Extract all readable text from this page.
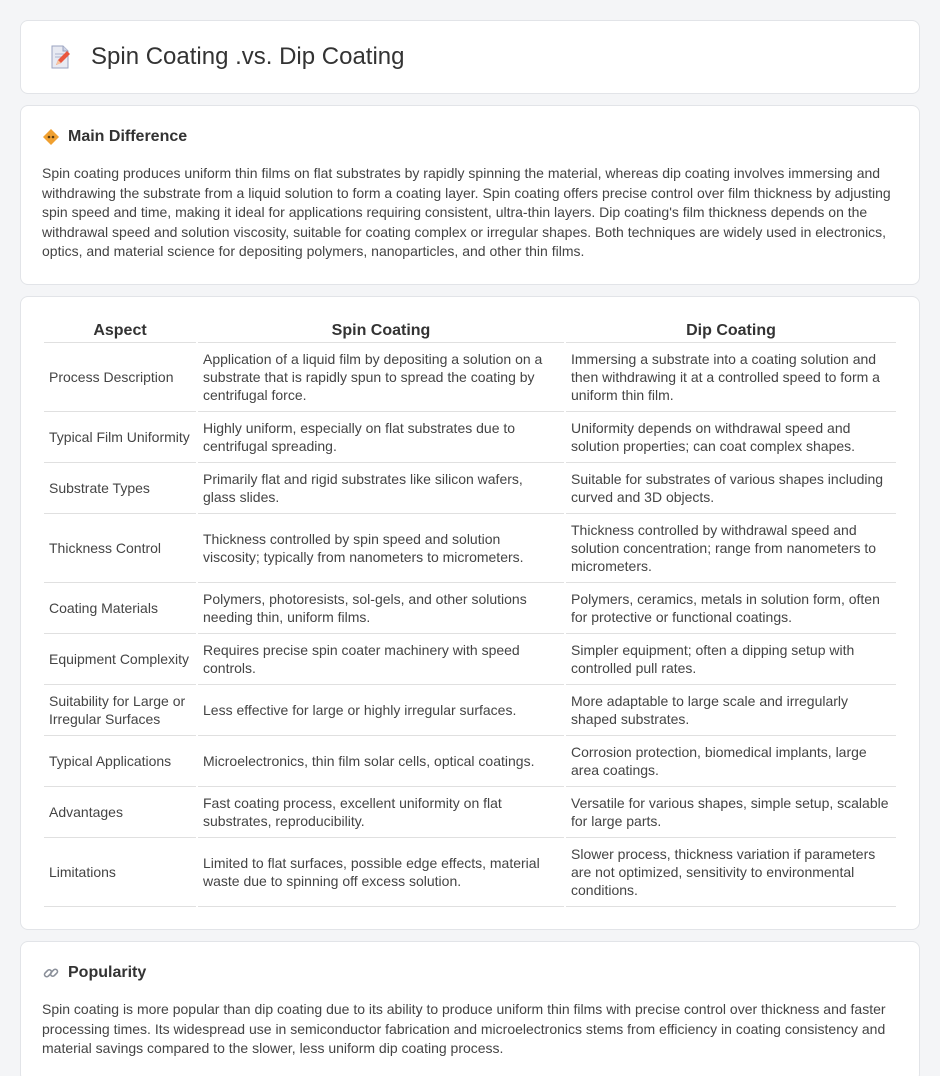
Spin Coating .vs. Dip Coating
Main Difference

Spin coating produces uniform thin films on flat substrates by rapidly spinning the material, whereas dip coating involves immersing and withdrawing the substrate from a liquid solution to form a coating layer. Spin coating offers precise control over film thickness by adjusting spin speed and time, making it ideal for applications requiring consistent, ultra-thin layers. Dip coating's film thickness depends on the withdrawal speed and solution viscosity, suitable for coating complex or irregular shapes. Both techniques are widely used in electronics, optics, and material science for depositing polymers, nanoparticles, and other thin films.

Aspect	Spin Coating	Dip Coating
Process Description	Application of a liquid film by depositing a solution on a substrate that is rapidly spun to spread the coating by centrifugal force.	Immersing a substrate into a coating solution and then withdrawing it at a controlled speed to form a uniform thin film.
Typical Film Uniformity	Highly uniform, especially on flat substrates due to centrifugal spreading.	Uniformity depends on withdrawal speed and solution properties; can coat complex shapes.
Substrate Types	Primarily flat and rigid substrates like silicon wafers, glass slides.	Suitable for substrates of various shapes including curved and 3D objects.
Thickness Control	Thickness controlled by spin speed and solution viscosity; typically from nanometers to micrometers.	Thickness controlled by withdrawal speed and solution concentration; range from nanometers to micrometers.
Coating Materials	Polymers, photoresists, sol-gels, and other solutions needing thin, uniform films.	Polymers, ceramics, metals in solution form, often for protective or functional coatings.
Equipment Complexity	Requires precise spin coater machinery with speed controls.	Simpler equipment; often a dipping setup with controlled pull rates.
Suitability for Large or Irregular Surfaces	Less effective for large or highly irregular surfaces.	More adaptable to large scale and irregularly shaped substrates.
Typical Applications	Microelectronics, thin film solar cells, optical coatings.	Corrosion protection, biomedical implants, large area coatings.
Advantages	Fast coating process, excellent uniformity on flat substrates, reproducibility.	Versatile for various shapes, simple setup, scalable for large parts.
Limitations	Limited to flat surfaces, possible edge effects, material waste due to spinning off excess solution.	Slower process, thickness variation if parameters are not optimized, sensitivity to environmental conditions.
Popularity

Spin coating is more popular than dip coating due to its ability to produce uniform thin films with precise control over thickness and faster processing times. Its widespread use in semiconductor fabrication and microelectronics stems from efficiency in coating consistency and material savings compared to the slower, less uniform dip coating process.
